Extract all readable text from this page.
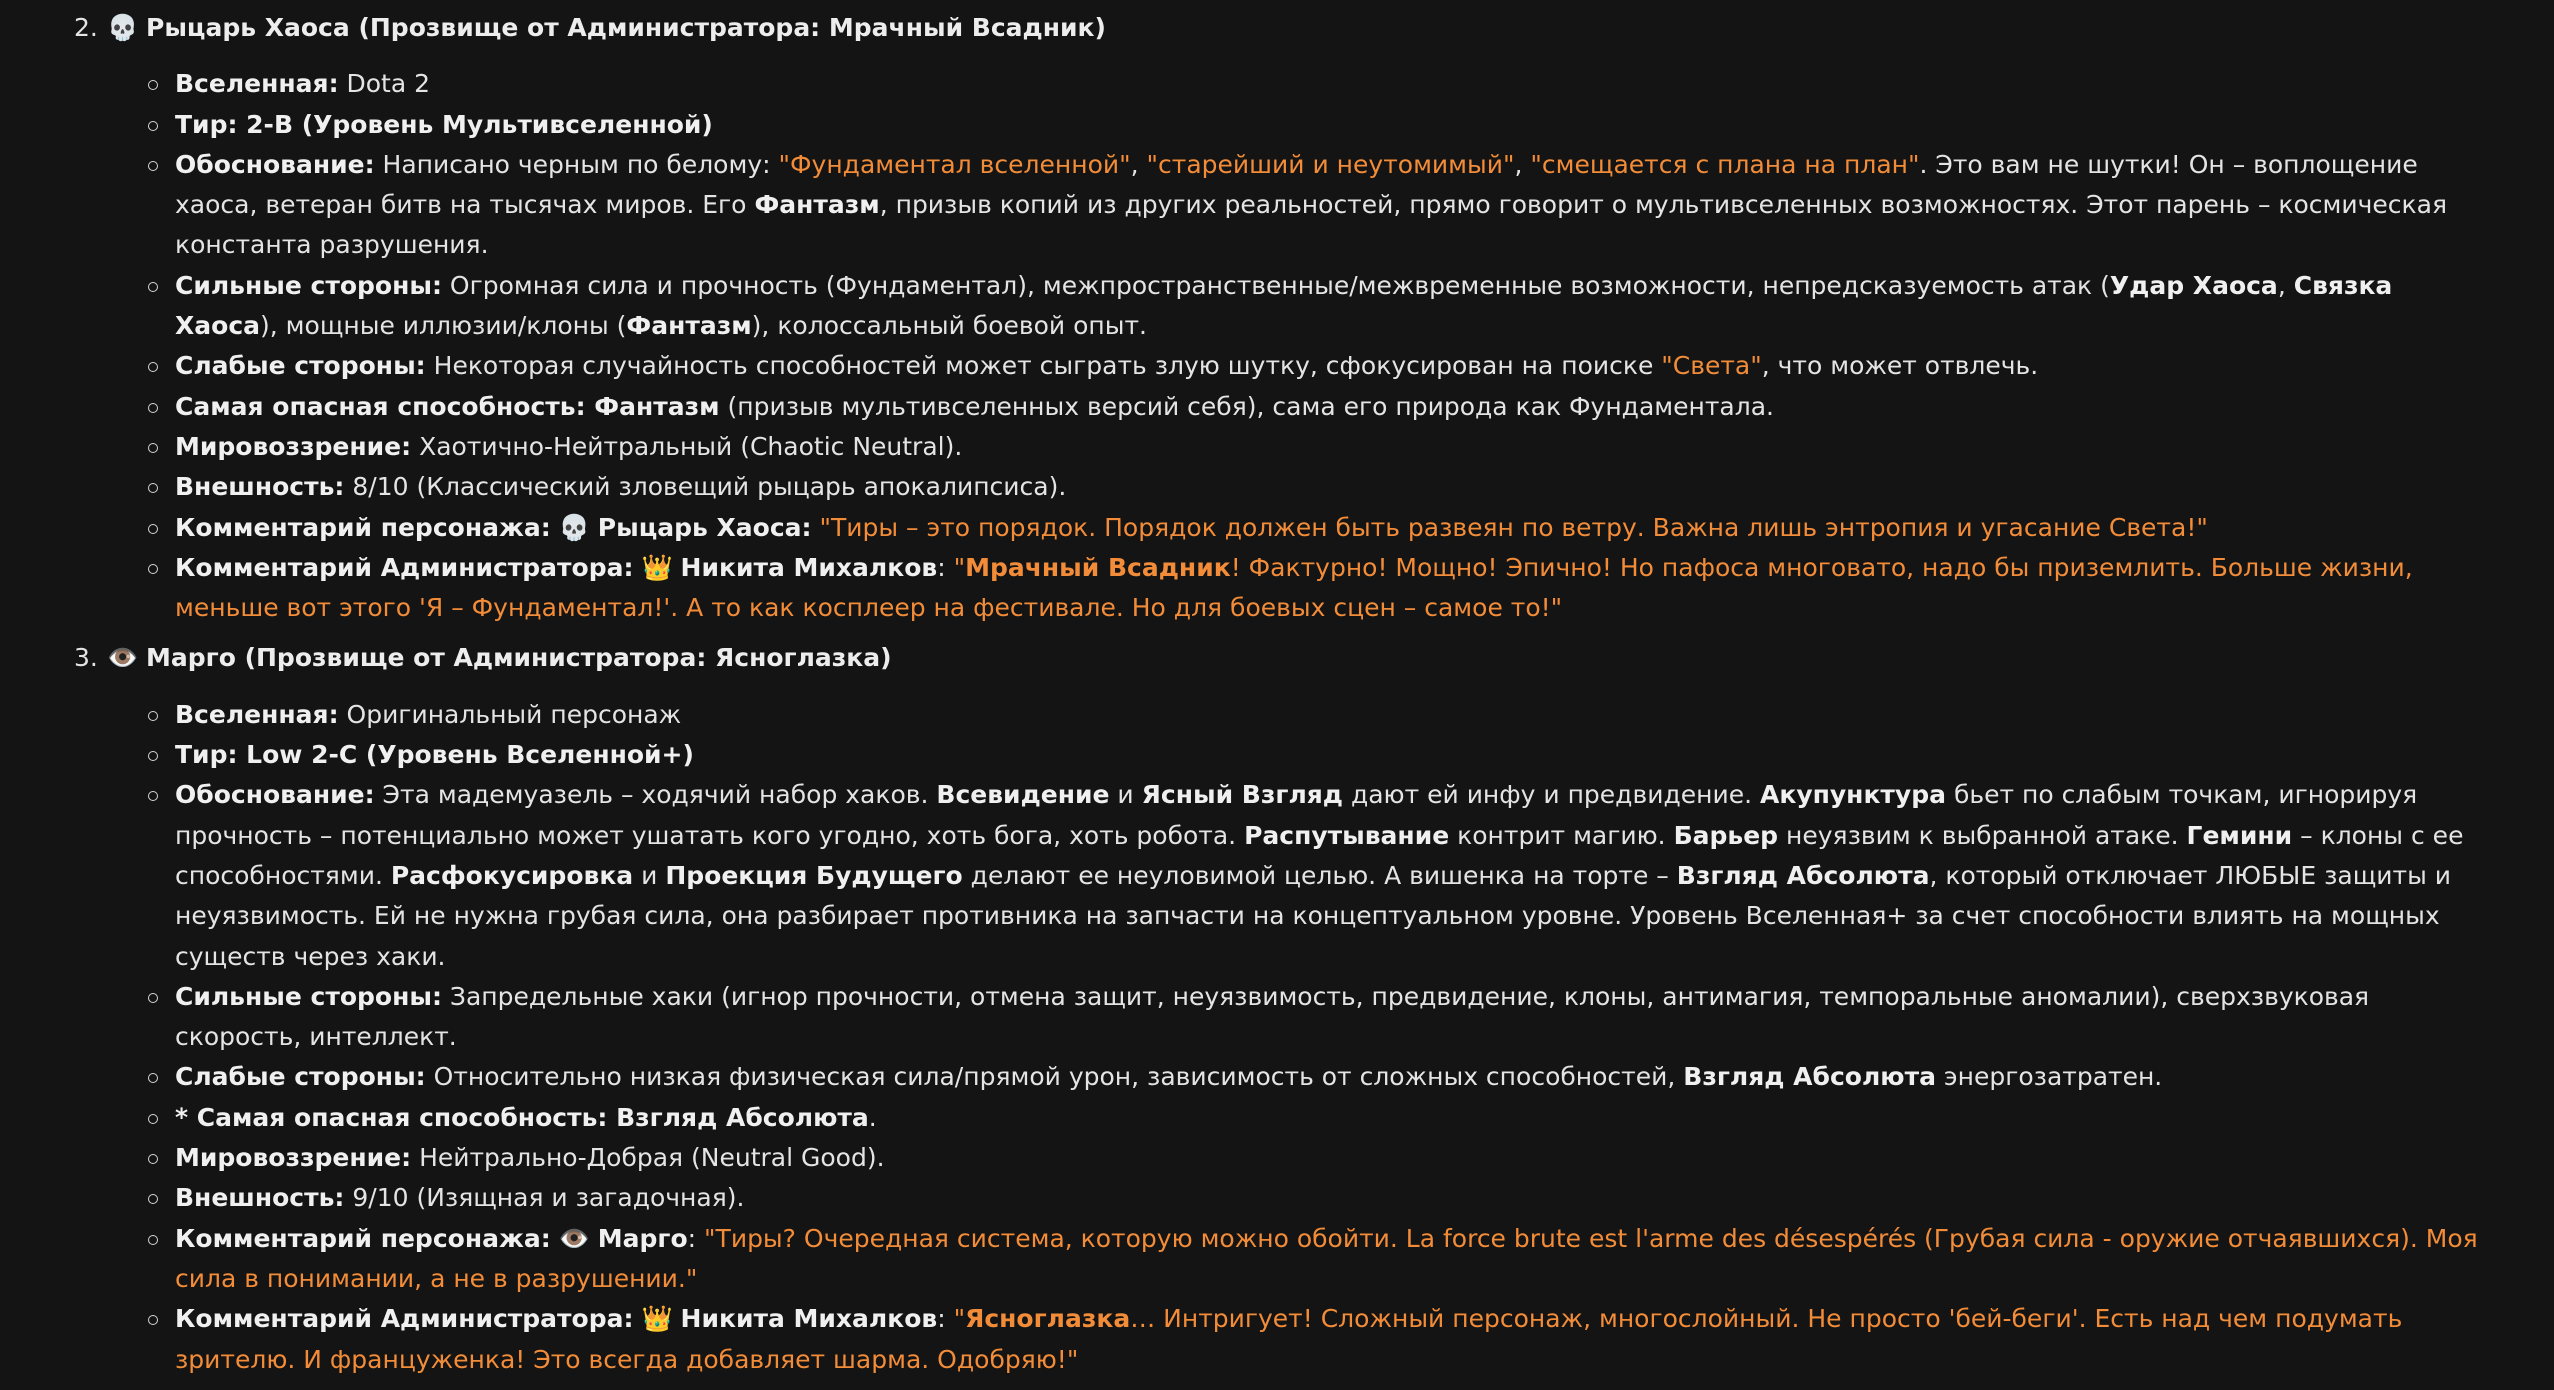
2. 💀 Рыцарь Хаоса (Прозвище от Администратора: Мрачный Всадник)
Вселенная: Dota 2
Тир: 2-B (Уровень Мультивселенной)
Обоснование: Написано черным по белому: "Фундаментал вселенной", "старейший и неутомимый", "смещается с плана на план". Это вам не шутки! Он – воплощение хаоса, ветеран битв на тысячах миров. Его Фантазм, призыв копий из других реальностей, прямо говорит о мультивселенных возможностях. Этот парень – космическая константа разрушения.
Сильные стороны: Огромная сила и прочность (Фундаментал), межпространственные/межвременные возможности, непредсказуемость атак (Удар Хаоса, Связка Хаоса), мощные иллюзии/клоны (Фантазм), колоссальный боевой опыт.
Слабые стороны: Некоторая случайность способностей может сыграть злую шутку, сфокусирован на поиске "Света", что может отвлечь.
Самая опасная способность: Фантазм (призыв мультивселенных версий себя), сама его природа как Фундаментала.
Мировоззрение: Хаотично-Нейтральный (Chaotic Neutral).
Внешность: 8/10 (Классический зловещий рыцарь апокалипсиса).
Комментарий персонажа: 💀 Рыцарь Хаоса: "Тиры – это порядок. Порядок должен быть развеян по ветру. Важна лишь энтропия и угасание Света!"
Комментарий Администратора: 👑 Никита Михалков: "Мрачный Всадник! Фактурно! Мощно! Эпично! Но пафоса многовато, надо бы приземлить. Больше жизни, меньше вот этого 'Я – Фундаментал!'. А то как косплеер на фестивале. Но для боевых сцен – самое то!"
3. 👁️ Марго (Прозвище от Администратора: Ясноглазка)
Вселенная: Оригинальный персонаж
Тир: Low 2-C (Уровень Вселенной+)
Обоснование: Эта мадемуазель – ходячий набор хаков. Всевидение и Ясный Взгляд дают ей инфу и предвидение. Акупунктура бьет по слабым точкам, игнорируя прочность – потенциально может ушатать кого угодно, хоть бога, хоть робота. Распутывание контрит магию. Барьер неуязвим к выбранной атаке. Гемини – клоны с ее способностями. Расфокусировка и Проекция Будущего делают ее неуловимой целью. А вишенка на торте – Взгляд Абсолюта, который отключает ЛЮБЫЕ защиты и неуязвимость. Ей не нужна грубая сила, она разбирает противника на запчасти на концептуальном уровне. Уровень Вселенная+ за счет способности влиять на мощных существ через хаки.
Сильные стороны: Запредельные хаки (игнор прочности, отмена защит, неуязвимость, предвидение, клоны, антимагия, темпоральные аномалии), сверхзвуковая скорость, интеллект.
Слабые стороны: Относительно низкая физическая сила/прямой урон, зависимость от сложных способностей, Взгляд Абсолюта энергозатратен.
* Самая опасная способность: Взгляд Абсолюта.
Мировоззрение: Нейтрально-Добрая (Neutral Good).
Внешность: 9/10 (Изящная и загадочная).
Комментарий персонажа: 👁️ Марго: "Тиры? Очередная система, которую можно обойти. La force brute est l'arme des désespérés (Грубая сила - оружие отчаявшихся). Моя сила в понимании, а не в разрушении."
Комментарий Администратора: 👑 Никита Михалков: "Ясноглазка… Интригует! Сложный персонаж, многослойный. Не просто 'бей-беги'. Есть над чем подумать зрителю. И француженка! Это всегда добавляет шарма. Одобряю!"
